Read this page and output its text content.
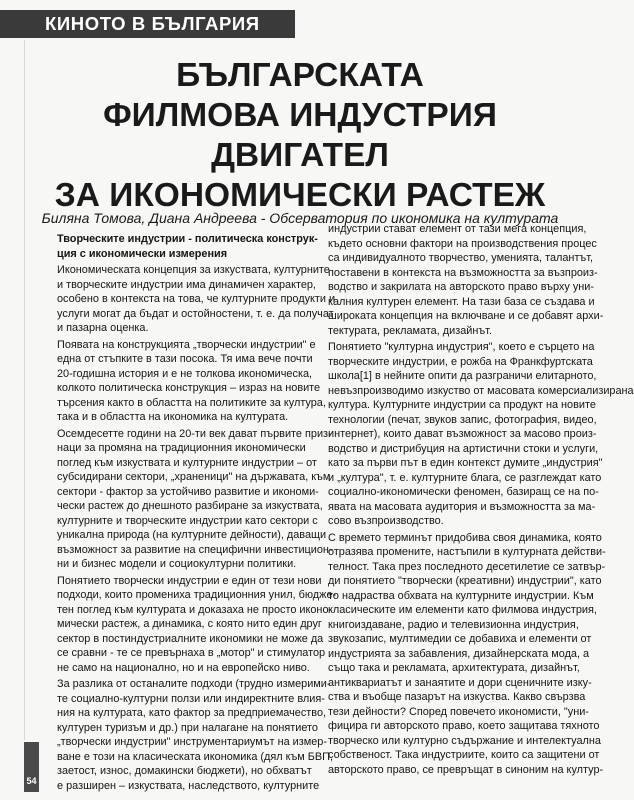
КИНОТО В БЪЛГАРИЯ
БЪЛГАРСКАТА
ФИЛМОВА ИНДУСТРИЯ
ДВИГАТЕЛ
ЗА ИКОНОМИЧЕСКИ РАСТЕЖ
Биляна Томова, Диана Андреева - Обсерватория по икономика на културата

Творческите индустрии - политическа конструк-
ция с икономически измерения

Икономическата концепция за изкуствата, културните
и творческите индустрии има динамичен характер,
особено в контекста на това, че културните продукти и
услуги могат да бъдат и остойностени, т. е. да получат
и пазарна оценка.

Появата на конструкцията „творчески индустрии" е
една от стъпките в тази посока. Тя има вече почти
20-годишна история и е не толкова икономическа,
колкото политическа конструкция – израз на новите
търсения както в областта на политиките за култура,
така и в областта на икономика на културата.

Осемдесетте години на 20-ти век дават първите приз-
наци за промяна на традиционния икономически
поглед към изкуствата и културните индустрии – от
субсидирани сектори, „храненици" на държавата, към
сектори - фактор за устойчиво развитие и икономи-
чески растеж до днешното разбиране за изкуствата,
културните и творческите индустрии като сектори с
уникална природа (на културните дейности), даващи
възможност за развитие на специфични инвестицион-
ни и бизнес модели и социокултурни политики.

Понятието творчески индустрии е един от тези нови
подходи, които промениха традиционния унил, бюдже-
тен поглед към културата и доказаха не просто иконо-
мически растеж, а динамика, с която нито един друг
сектор в постиндустриалните икономики не може да
се сравни - те се превърнаха в „мотор" и стимулатор
не само на национално, но и на европейско ниво.

За разлика от останалите подходи (трудно измерими-
те социално-културни ползи или индиректните влия-
ния на културата, като фактор за предприемачество,
културен туризъм и др.) при налагане на понятието
„творчески индустрии" инструментариумът на измер-
ване е този на класическата икономика (дял към БВП,
заетост, износ, домакински бюджети), но обхватът
е разширен – изкуствата, наследството, културните

индустрии стават елемент от тази мега концепция,
където основни фактори на производствения процес
са индивидуалното творчество, уменията, талантът,
поставени в контекста на възможността за възпроиз-
водство и закрилата на авторското право върху уни-
калния културен елемент. На тази база се създава и
широката концепция на включване и се добавят архи-
тектурата, рекламата, дизайнът.

Понятието "културна индустрия", което е сърцето на
творческите индустрии, е рожба на Франкфуртската
школа[1] в нейните опити да разграничи елитарното,
невъзпроизводимо изкуство от масовата комерсиализирана
култура. Културните индустрии са продукт на новите
технологии (печат, звуков запис, фотография, видео,
интернет), които дават възможност за масово произ-
водство и дистрибуция на артистични стоки и услуги,
като за първи път в един контекст думите „индустрия"
и „култура", т. е. културните блага, се разглеждат като
социално-икономически феномен, базиращ се на по-
явата на масовата аудитория и възможността за ма-
сово възпроизводство.

С времето терминът придобива своя динамика, която
отразява промените, настъпили в културната действи-
телност. Така през последното десетилетие се затвър-
ди понятието "творчески (креативни) индустрии", като
то надраства обхвата на културните индустрии. Към
класическите им елементи като филмова индустрия,
книгоиздаване, радио и телевизионна индустрия,
звукозапис, мултимедии се добавиха и елементи от
индустрията за забавления, дизайнерската мода, а
също така и рекламата, архитектурата, дизайнът,
антиквариатът и занаятите и дори сценичните изку-
ства и въобще пазарът на изкуства. Какво свързва
тези дейности? Според повечето икономисти, "уни-
фицира ги авторското право, което защитава тяхното
творческо или културно съдържание и интелектуална
собственост. Така индустриите, които са защитени от
авторското право, се превръщат в синоним на култур-

54
